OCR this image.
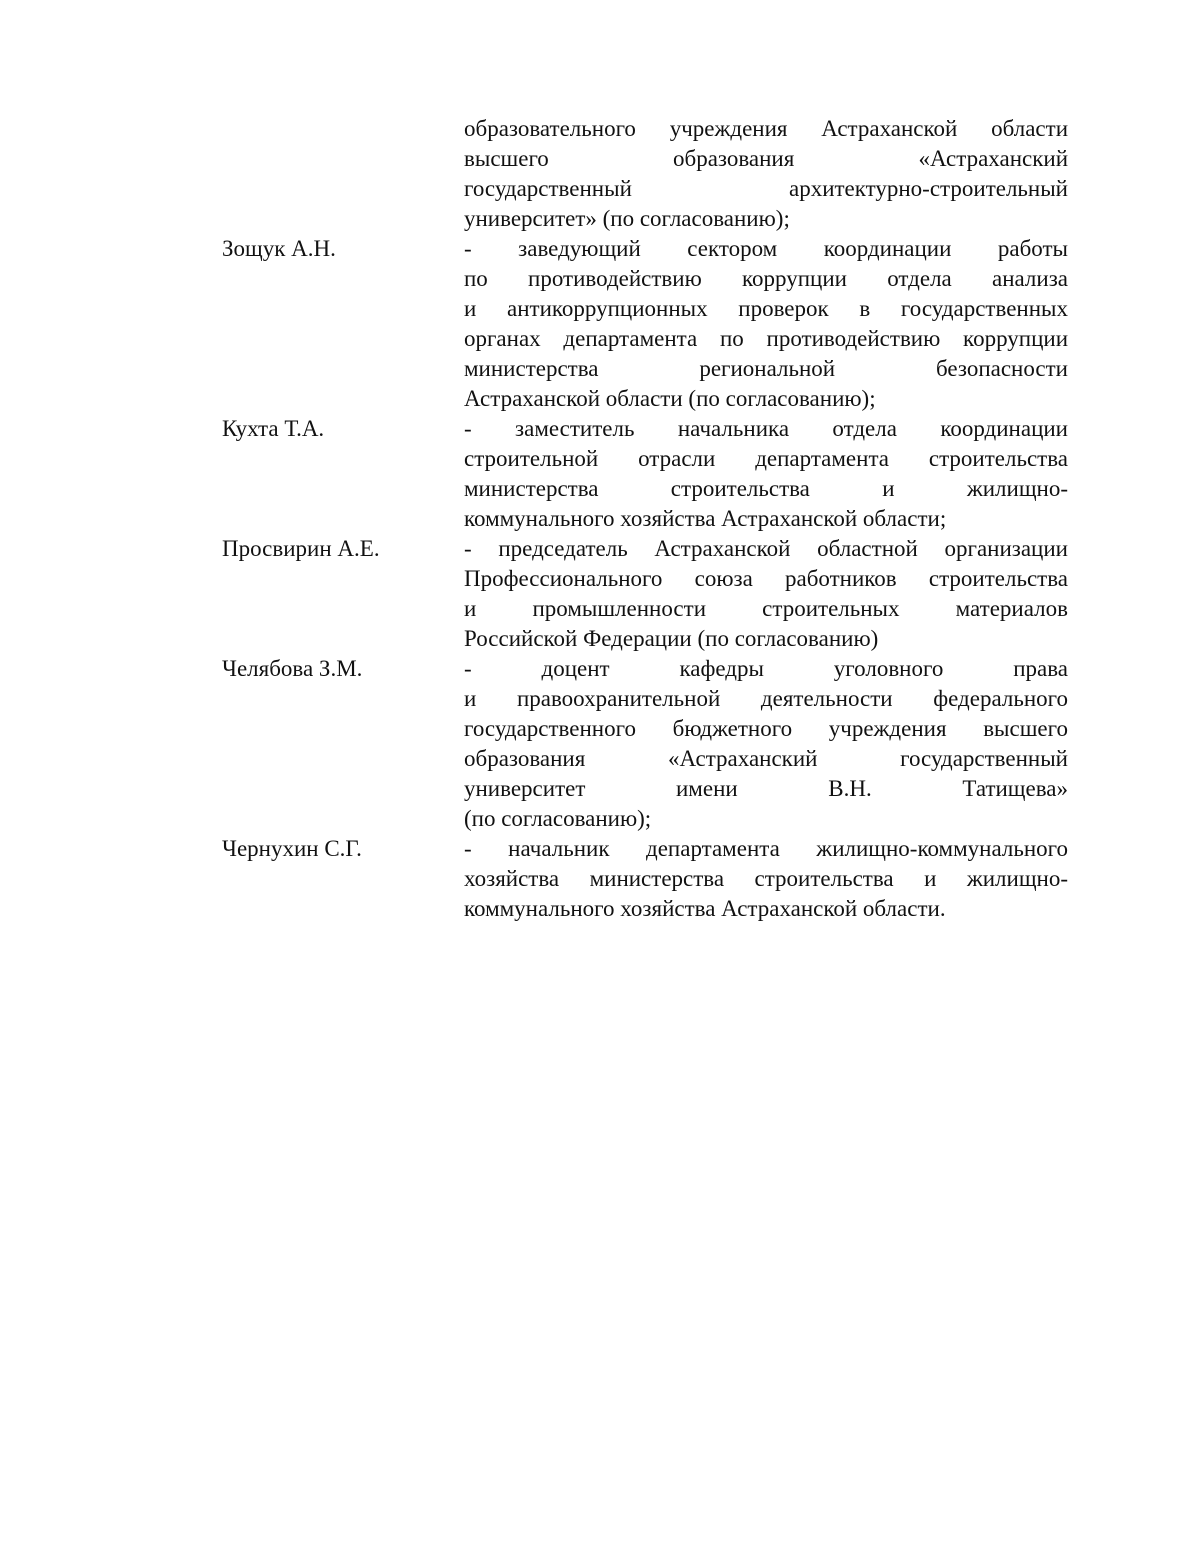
образовательного учреждения Астраханской области
высшего образования «Астраханский
государственный архитектурно-строительный
университет» (по согласованию);
Зощук А.Н.	- заведующий сектором координации работы
по противодействию коррупции отдела анализа
и антикоррупционных проверок в государственных
органах департамента по противодействию коррупции
министерства региональной безопасности
Астраханской области (по согласованию);
Кухта Т.А.	- заместитель начальника отдела координации
строительной отрасли департамента строительства
министерства строительства и жилищно-
коммунального хозяйства Астраханской области;
Просвирин А.Е.	- председатель Астраханской областной организации
Профессионального союза работников строительства
и промышленности строительных материалов
Российской Федерации (по согласованию)
Челябова З.М.	- доцент кафедры уголовного права
и правоохранительной деятельности федерального
государственного бюджетного учреждения высшего
образования «Астраханский государственный
университет имени В.Н. Татищева»
(по согласованию);
Чернухин С.Г.	- начальник департамента жилищно-коммунального
хозяйства министерства строительства и жилищно-
коммунального хозяйства Астраханской области.
